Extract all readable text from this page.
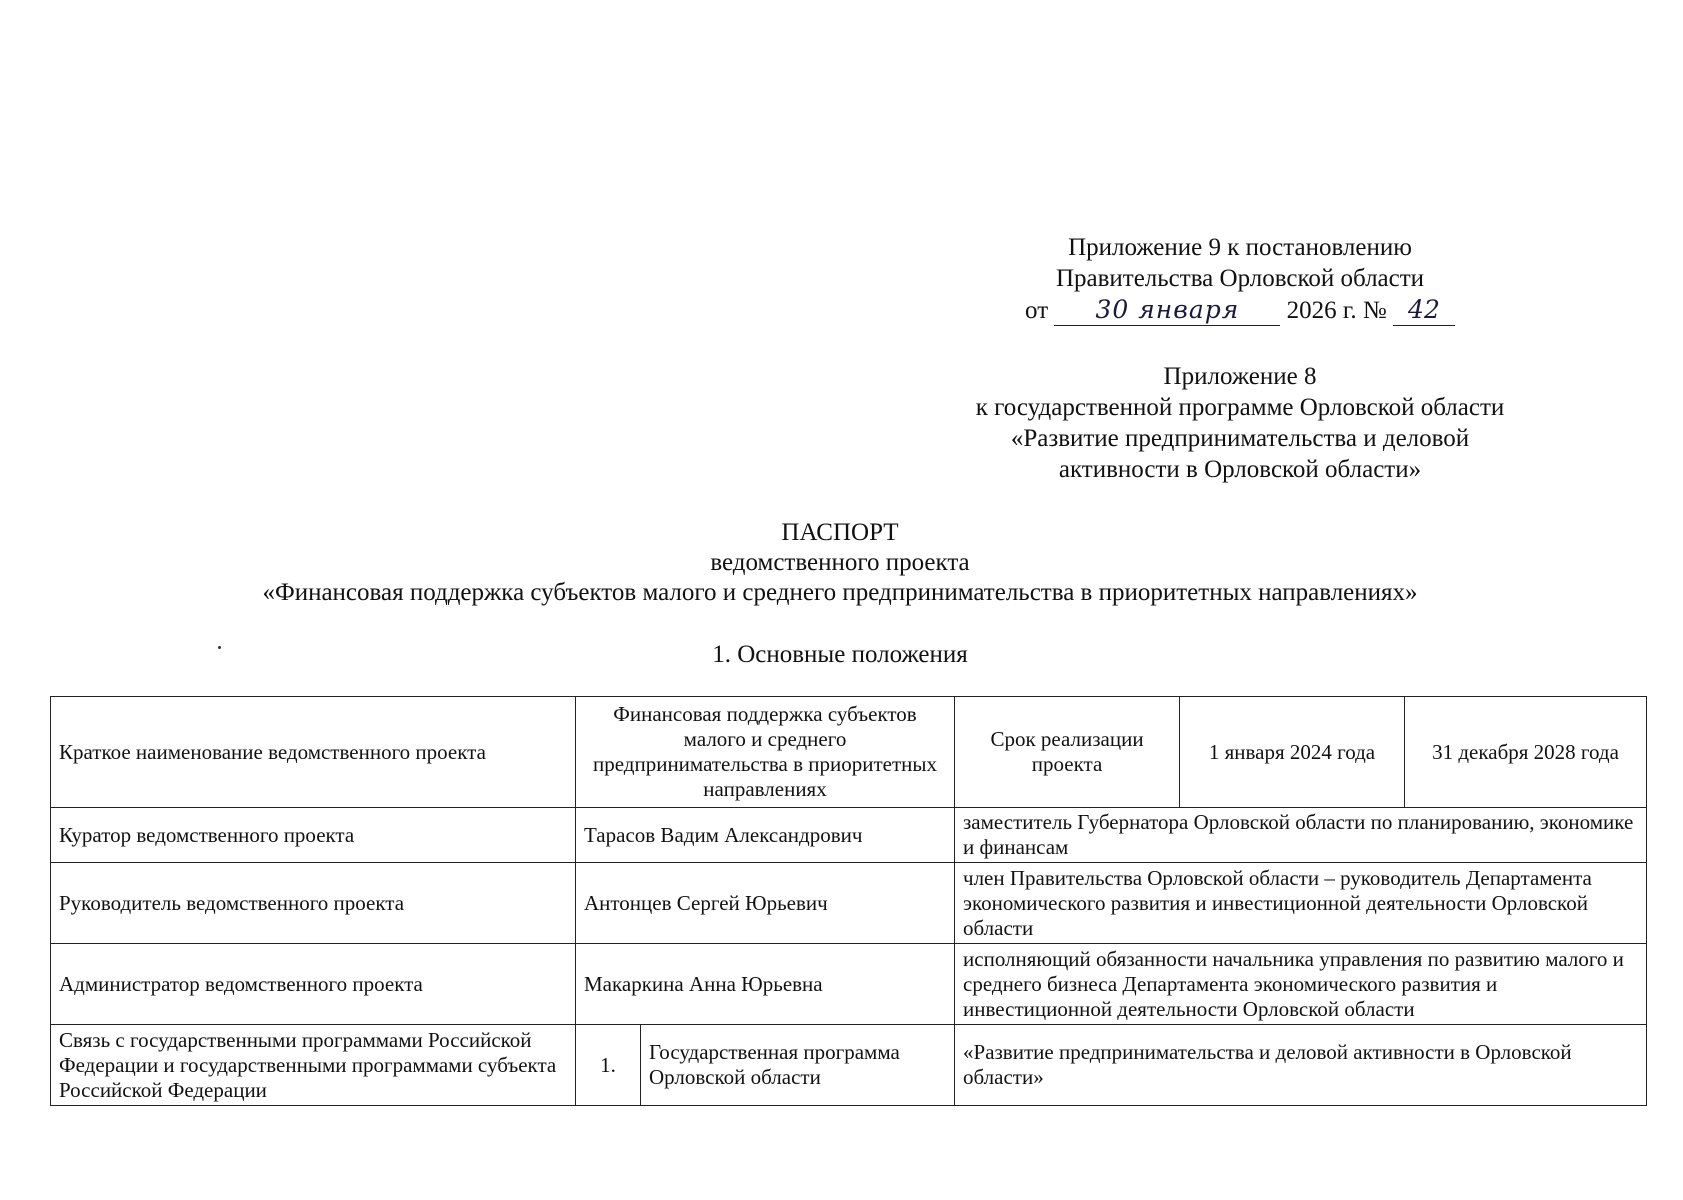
Приложение 9 к постановлению
Правительства Орловской области
от 30 января 2026 г. № 42
Приложение 8
к государственной программе Орловской области
«Развитие предпринимательства и деловой
активности в Орловской области»
ПАСПОРТ
ведомственного проекта
«Финансовая поддержка субъектов малого и среднего предпринимательства в приоритетных направлениях»
1. Основные положения
Краткое наименование ведомственного проекта	Финансовая поддержка субъектов малого и среднего предпринимательства в приоритетных направлениях		Срок реализации проекта	1 января 2024 года	31 декабря 2028 года
Куратор ведомственного проекта	Тарасов Вадим Александрович		заместитель Губернатора Орловской области по планированию, экономике и финансам		
Руководитель ведомственного проекта	Антонцев Сергей Юрьевич		член Правительства Орловской области – руководитель Департамента экономического развития и инвестиционной деятельности Орловской области		
Администратор ведомственного проекта	Макаркина Анна Юрьевна		исполняющий обязанности начальника управления по развитию малого и среднего бизнеса Департамента экономического развития и инвестиционной деятельности Орловской области		
Связь с государственными программами Российской Федерации и государственными программами субъекта Российской Федерации	1.	Государственная программа Орловской области	«Развитие предпринимательства и деловой активности в Орловской области»		
